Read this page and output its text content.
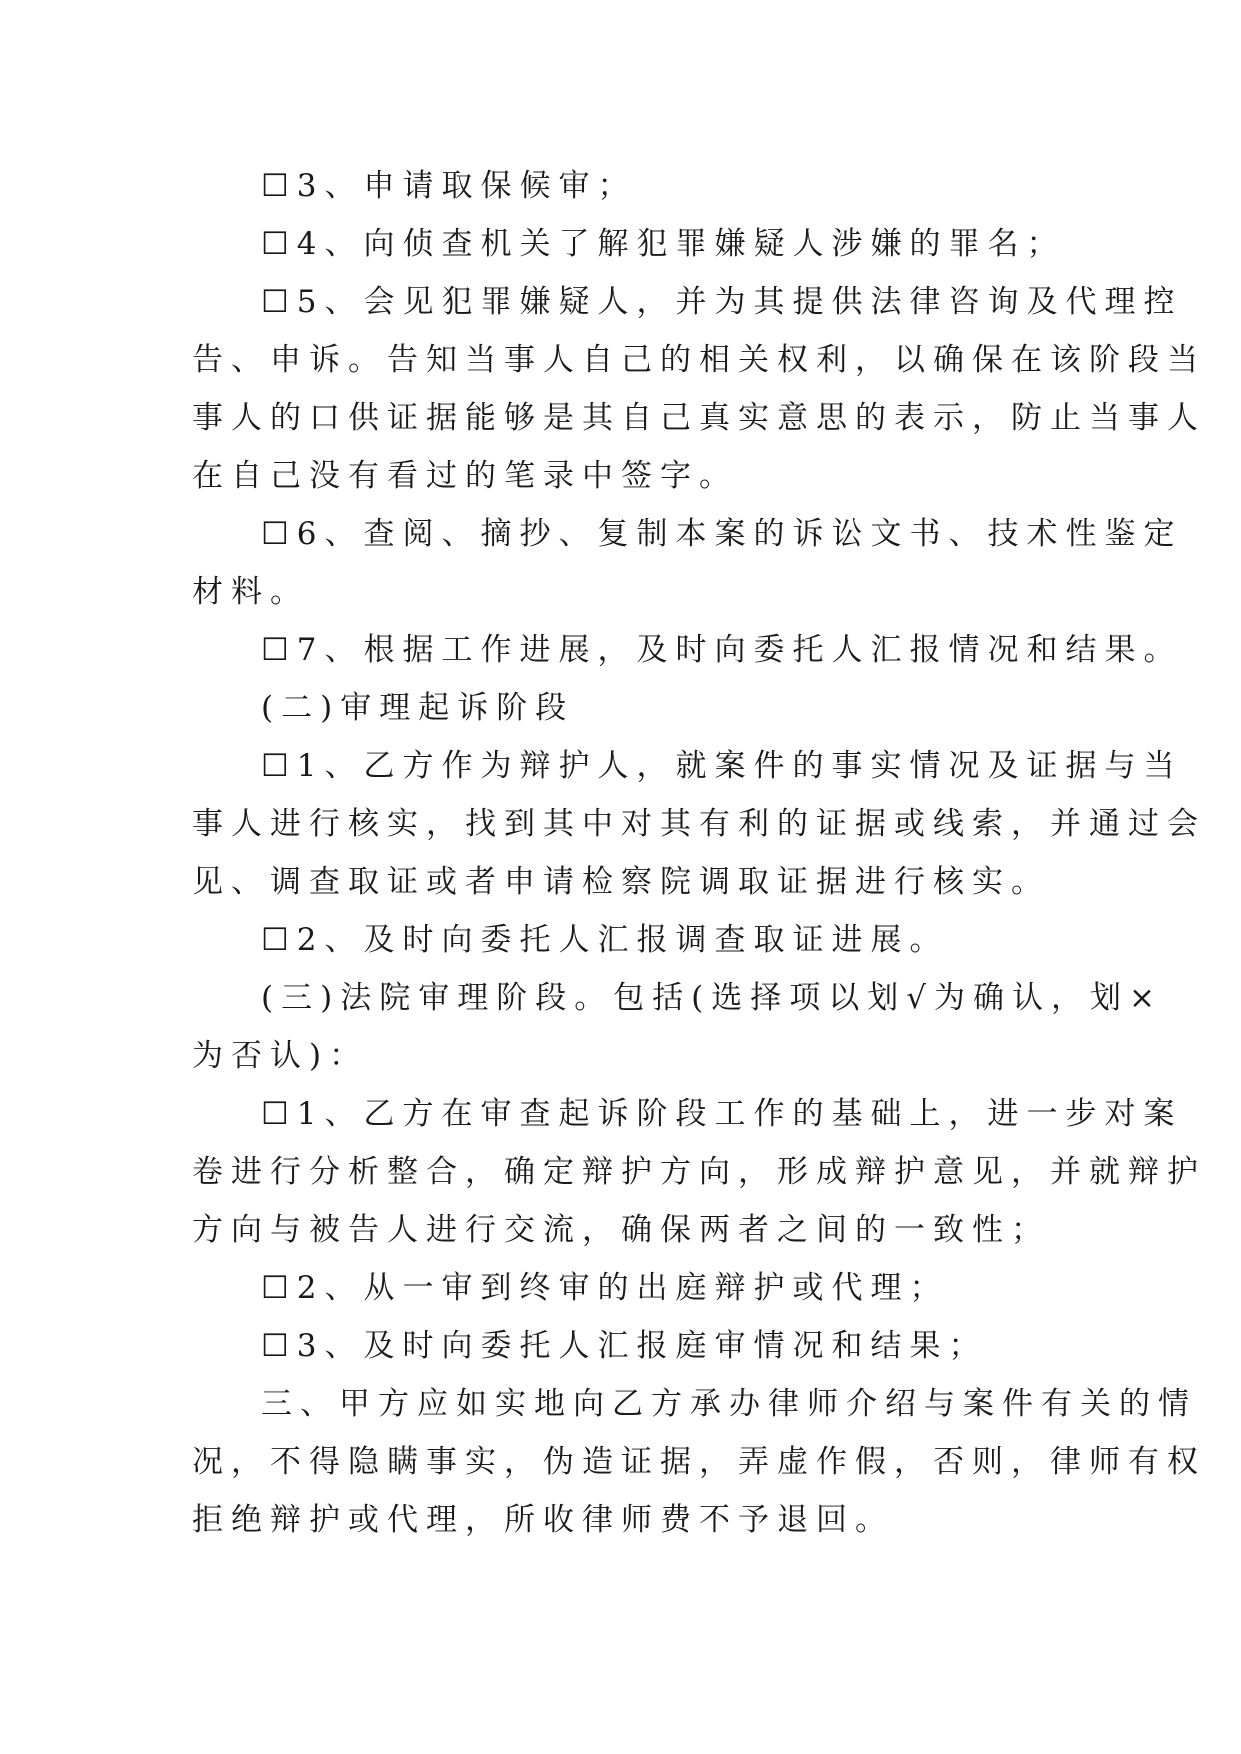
☐3、申请取保候审；
☐4、向侦查机关了解犯罪嫌疑人涉嫌的罪名；
☐5、会见犯罪嫌疑人，并为其提供法律咨询及代理控
告、申诉。告知当事人自己的相关权利，以确保在该阶段当
事人的口供证据能够是其自己真实意思的表示，防止当事人
在自己没有看过的笔录中签字。
☐6、查阅、摘抄、复制本案的诉讼文书、技术性鉴定
材料。
☐7、根据工作进展，及时向委托人汇报情况和结果。
(二)审理起诉阶段
☐1、乙方作为辩护人，就案件的事实情况及证据与当
事人进行核实，找到其中对其有利的证据或线索，并通过会
见、调查取证或者申请检察院调取证据进行核实。
☐2、及时向委托人汇报调查取证进展。
(三)法院审理阶段。包括(选择项以划√为确认，划×
为否认)：
☐1、乙方在审查起诉阶段工作的基础上，进一步对案
卷进行分析整合，确定辩护方向，形成辩护意见，并就辩护
方向与被告人进行交流，确保两者之间的一致性；
☐2、从一审到终审的出庭辩护或代理；
☐3、及时向委托人汇报庭审情况和结果；
三、甲方应如实地向乙方承办律师介绍与案件有关的情
况，不得隐瞒事实，伪造证据，弄虚作假，否则，律师有权
拒绝辩护或代理，所收律师费不予退回。
